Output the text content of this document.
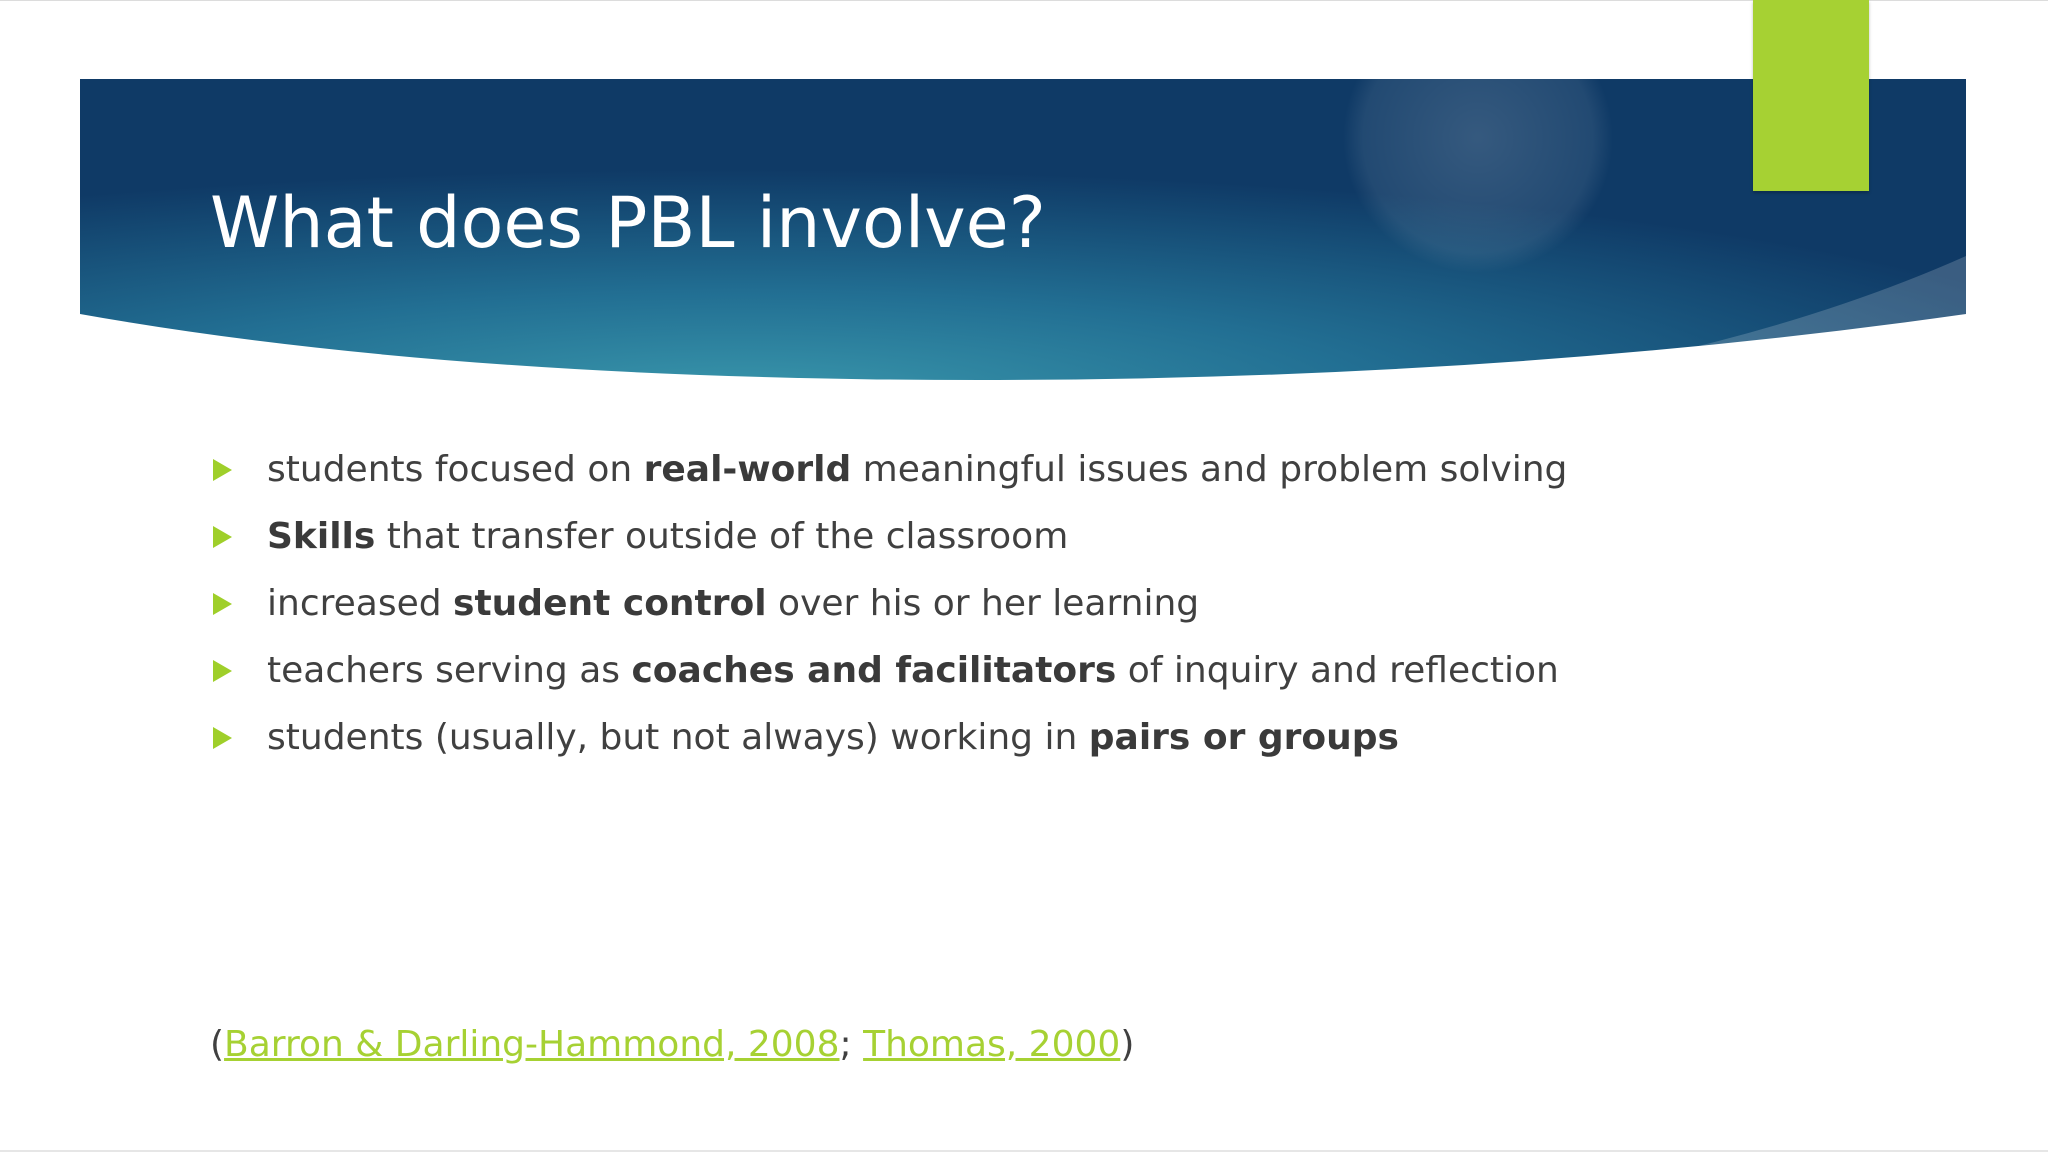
What does PBL involve?
students focused on real-world meaningful issues and problem solving
Skills that transfer outside of the classroom
increased student control over his or her learning
teachers serving as coaches and facilitators of inquiry and reflection
students (usually, but not always) working in pairs or groups
(Barron & Darling-Hammond, 2008; Thomas, 2000)
